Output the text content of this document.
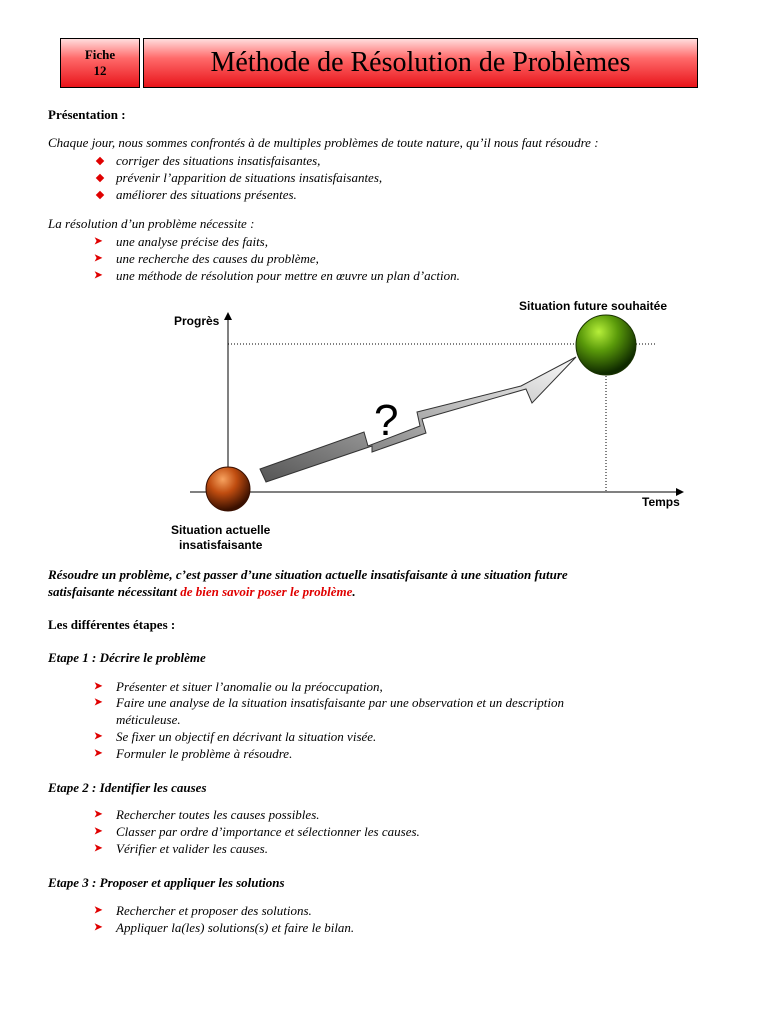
Fiche
12	Méthode de Résolution de Problèmes
Présentation :
Chaque jour, nous sommes confrontés à de multiples problèmes de toute nature, qu’il nous faut résoudre :
corriger des situations insatisfaisantes,
prévenir l’apparition de situations insatisfaisantes,
améliorer des situations présentes.
La résolution d’un problème nécessite :
➤ une analyse précise des faits,
➤ une recherche des causes du problème,
➤ une méthode de résolution pour mettre en œuvre un plan d’action.
?
Progrès
Temps
Situation future souhaitée
Situation actuelle
insatisfaisante
Résoudre un problème, c’est passer d’une situation actuelle insatisfaisante à une situation future
satisfaisante nécessitant de bien savoir poser le problème.
Les différentes étapes :
Etape 1 : Décrire le problème
➤ Présenter et situer l’anomalie ou la préoccupation,
➤ Faire une analyse de la situation insatisfaisante par une observation et un description
méticuleuse.
➤ Se fixer un objectif en décrivant la situation visée.
➤ Formuler le problème à résoudre.
Etape 2 : Identifier les causes
➤ Rechercher toutes les causes possibles.
➤ Classer par ordre d’importance et sélectionner les causes.
➤ Vérifier et valider les causes.
Etape 3 : Proposer et appliquer les solutions
➤ Rechercher et proposer des solutions.
➤ Appliquer la(les) solutions(s) et faire le bilan.
